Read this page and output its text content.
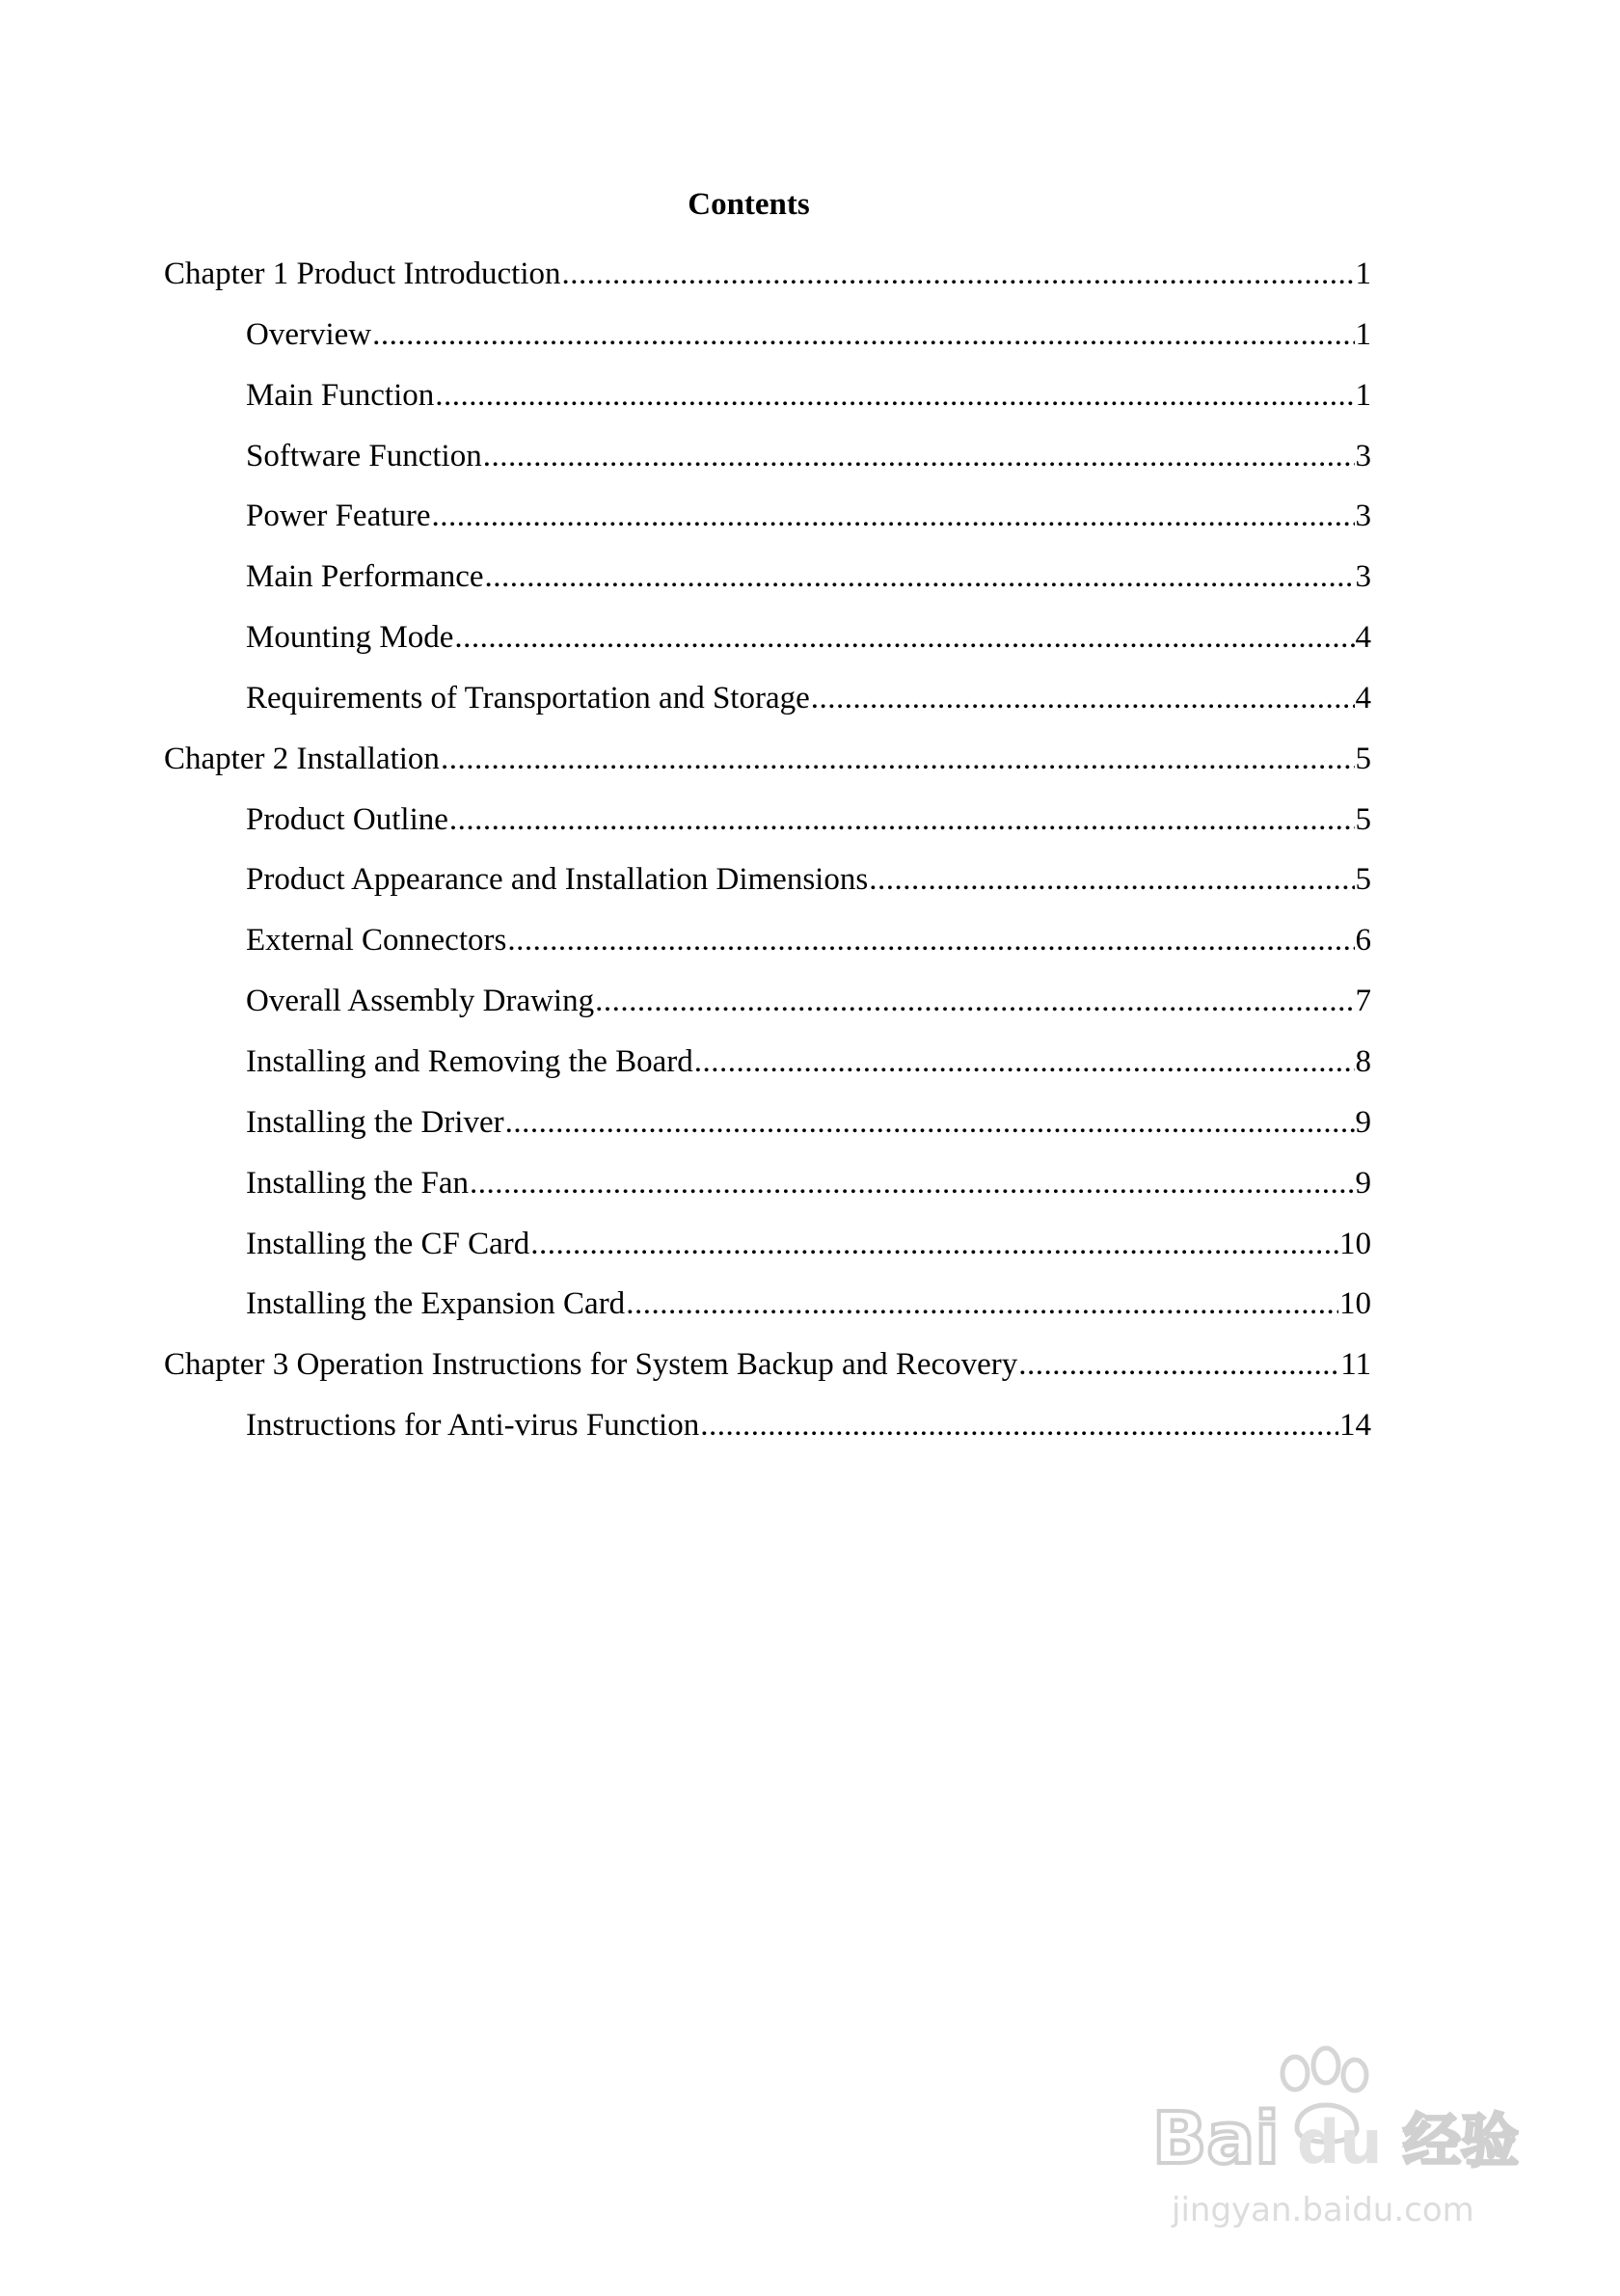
Contents
Chapter 1 Product Introduction .....	1
Overview .....	1
Main Function .....	1
Software Function .....	3
Power Feature .....	3
Main Performance .....	3
Mounting Mode .....	4
Requirements of Transportation and Storage .....	4
Chapter 2 Installation .....	5
Product Outline .....	5
Product Appearance and Installation Dimensions .....	5
External Connectors .....	6
Overall Assembly Drawing .....	7
Installing and Removing the Board .....	8
Installing the Driver .....	9
Installing the Fan .....	9
Installing the CF Card .....	10
Installing the Expansion Card .....	10
Chapter 3 Operation Instructions for System Backup and Recovery .....	11
Instructions for Anti-virus Function .....	14
Bai du 经验
jingyan.baidu.com
